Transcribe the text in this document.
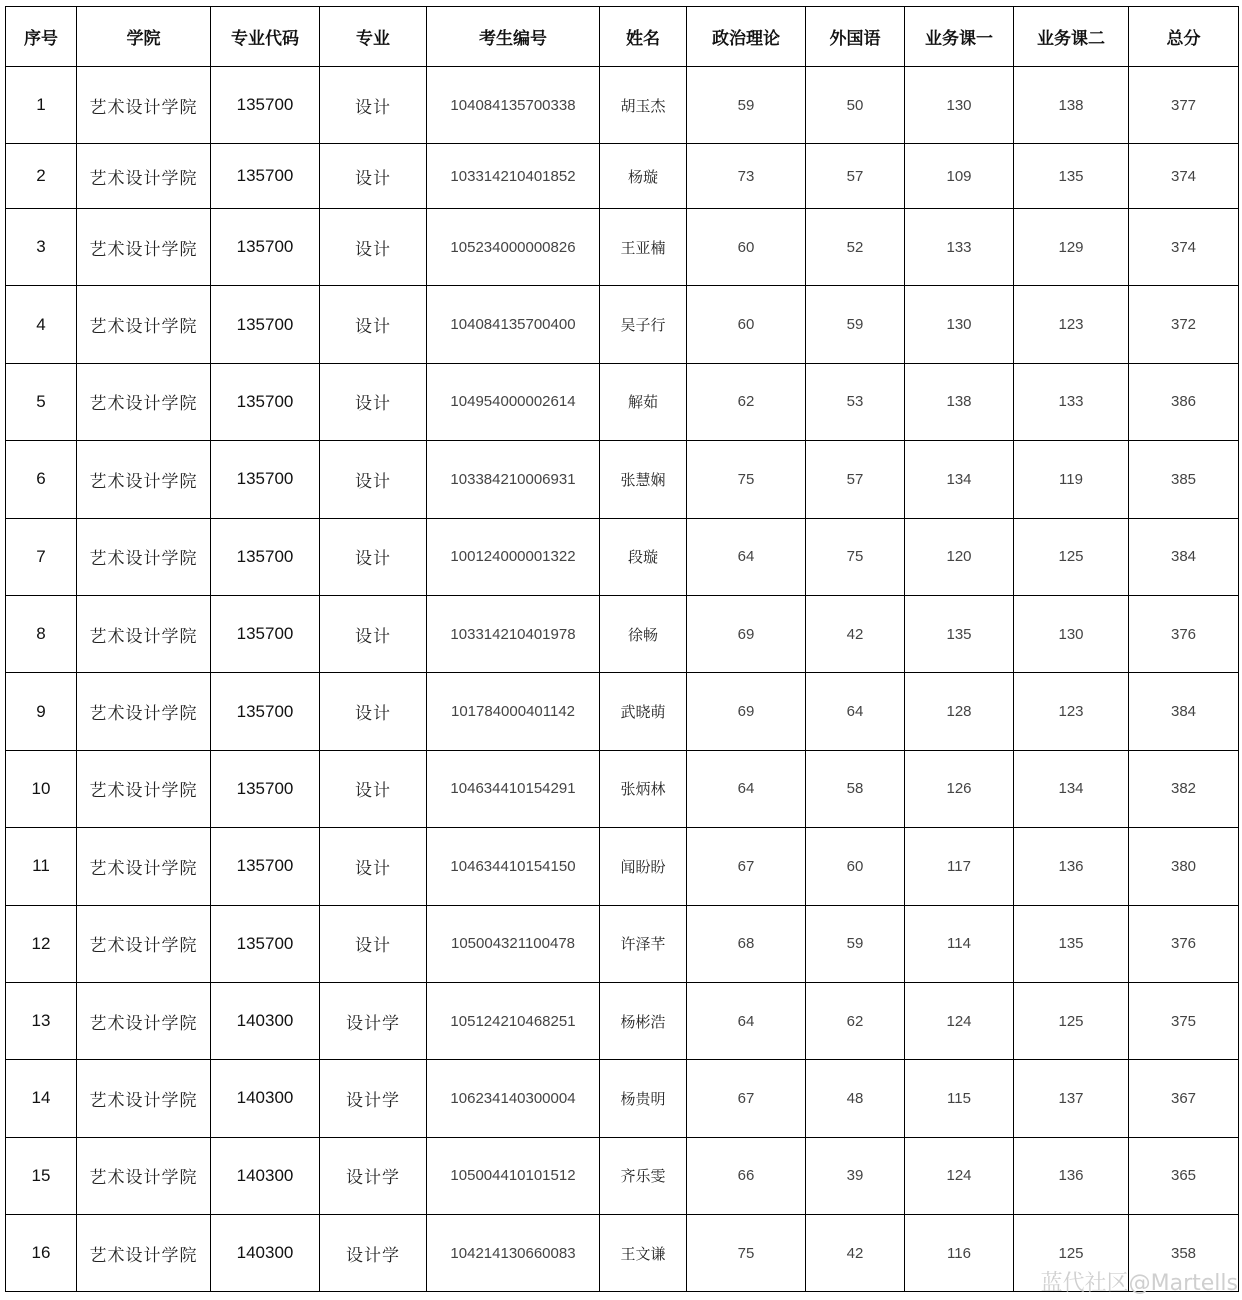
序号	学院	专业代码	专业	考生编号	姓名	政治理论	外国语	业务课一	业务课二	总分
1	艺术设计学院	135700	设计	104084135700338	胡玉杰	59	50	130	138	377
2	艺术设计学院	135700	设计	103314210401852	杨璇	73	57	109	135	374
3	艺术设计学院	135700	设计	105234000000826	王亚楠	60	52	133	129	374
4	艺术设计学院	135700	设计	104084135700400	吴子行	60	59	130	123	372
5	艺术设计学院	135700	设计	104954000002614	解茹	62	53	138	133	386
6	艺术设计学院	135700	设计	103384210006931	张慧娴	75	57	134	119	385
7	艺术设计学院	135700	设计	100124000001322	段璇	64	75	120	125	384
8	艺术设计学院	135700	设计	103314210401978	徐畅	69	42	135	130	376
9	艺术设计学院	135700	设计	101784000401142	武晓萌	69	64	128	123	384
10	艺术设计学院	135700	设计	104634410154291	张炳林	64	58	126	134	382
11	艺术设计学院	135700	设计	104634410154150	闻盼盼	67	60	117	136	380
12	艺术设计学院	135700	设计	105004321100478	许泽芊	68	59	114	135	376
13	艺术设计学院	140300	设计学	105124210468251	杨彬浩	64	62	124	125	375
14	艺术设计学院	140300	设计学	106234140300004	杨贵明	67	48	115	137	367
15	艺术设计学院	140300	设计学	105004410101512	齐乐雯	66	39	124	136	365
16	艺术设计学院	140300	设计学	104214130660083	王文谦	75	42	116	125	358
蓝代社区@Martells
